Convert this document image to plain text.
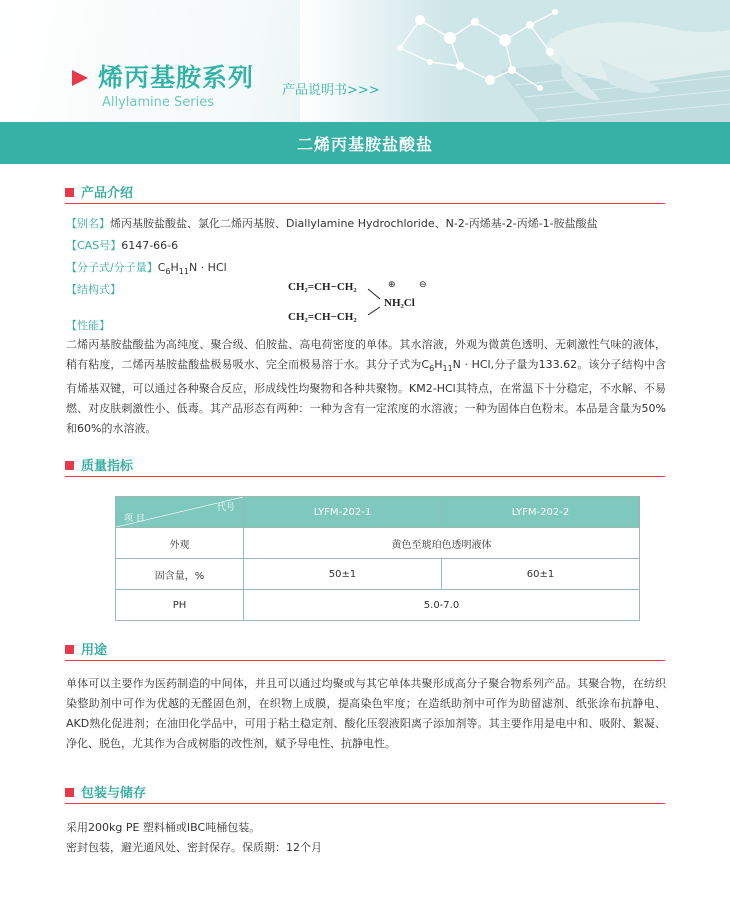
烯丙基胺系列 产品说明书>>>
Allylamine Series
二烯丙基胺盐酸盐
产品介绍
【别名】烯丙基胺盐酸盐、氯化二烯丙基胺、Diallylamine Hydrochloride、N-2-丙烯基-2-丙烯-1-胺盐酸盐
【CAS号】6147-66-6
【分子式/分子量】$C_6H_{11}N$ · HCl
【结构式】	CH₂=CH−CH₂
CH₂=CH−CH₂
⊕	⊖
NH₂Cl
【性能】
二烯丙基胺盐酸盐为高纯度、聚合级、伯胺盐、高电荷密度的单体。其水溶液，外观为微黄色透明、无刺激性气味的液体，稍有粘度，二烯丙基胺盐酸盐极易吸水、完全而极易溶于水。其分子式为$C_6H_{11}N$ · HCl,分子量为133.62。该分子结构中含有烯基双键，可以通过各种聚合反应，形成线性均聚物和各种共聚物。KM2-HCl其特点，在常温下十分稳定，不水解、不易燃、对皮肤刺激性小、低毒。其产品形态有两种：一种为含有一定浓度的水溶液；一种为固体白色粉末。本品是含量为50%和60%的水溶液。
质量指标
代号
项 目	LYFM-202-1	LYFM-202-2
外观	黄色至琥珀色透明液体	
固含量，%	50±1	60±1
PH	5.0-7.0	
用途
单体可以主要作为医药制造的中间体，并且可以通过均聚或与其它单体共聚形成高分子聚合物系列产品。其聚合物，在纺织染整助剂中可作为优越的无醛固色剂，在织物上成膜，提高染色牢度；在造纸助剂中可作为助留滤剂、纸张涂布抗静电、AKD熟化促进剂；在油田化学品中，可用于粘土稳定剂、酸化压裂液阳离子添加剂等。其主要作用是电中和、吸附、絮凝、净化、脱色，尤其作为合成树脂的改性剂，赋予导电性、抗静电性。
包装与储存
采用200kg PE 塑料桶或IBC吨桶包装。
密封包装，避光通风处、密封保存。保质期：12个月
